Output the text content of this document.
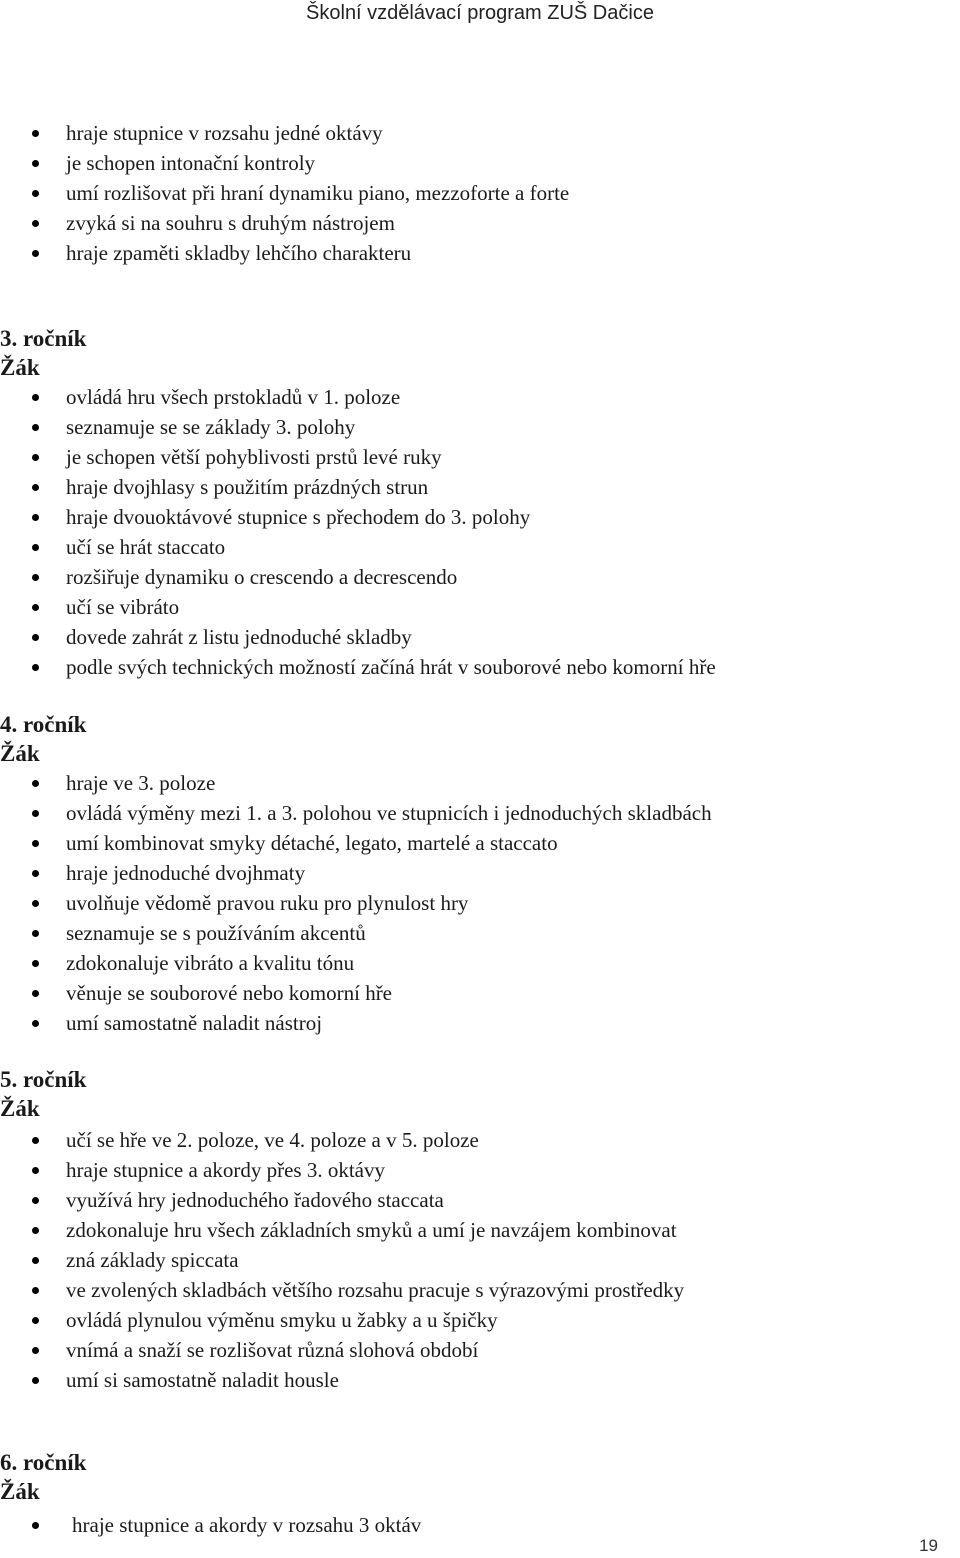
Školní vzdělávací program ZUŠ Dačice
hraje stupnice v rozsahu jedné oktávy
je schopen intonační kontroly
umí rozlišovat při hraní dynamiku piano, mezzoforte a forte
zvyká si na souhru s druhým nástrojem
hraje zpaměti skladby lehčího charakteru

3. ročník

Žák

ovládá hru všech prstokladů v 1. poloze
seznamuje se se základy 3. polohy
je schopen větší pohyblivosti prstů levé ruky
hraje dvojhlasy s použitím prázdných strun
hraje dvouoktávové stupnice s přechodem do 3. polohy
učí se hrát staccato
rozšiřuje dynamiku o crescendo a decrescendo
učí se vibráto
dovede zahrát z listu jednoduché skladby
podle svých technických možností začíná hrát v souborové nebo komorní hře

4. ročník

Žák

hraje ve 3. poloze
ovládá výměny mezi 1. a 3. polohou ve stupnicích i jednoduchých skladbách
umí kombinovat smyky détaché, legato, martelé a staccato
hraje jednoduché dvojhmaty
uvolňuje vědomě pravou ruku pro plynulost hry
seznamuje se s používáním akcentů
zdokonaluje vibráto a kvalitu tónu
věnuje se souborové nebo komorní hře
umí samostatně naladit nástroj

5. ročník

Žák

učí se hře ve 2. poloze, ve 4. poloze a v 5. poloze
hraje stupnice a akordy přes 3. oktávy
využívá hry jednoduchého řadového staccata
zdokonaluje hru všech základních smyků a umí je navzájem kombinovat
zná základy spiccata
ve zvolených skladbách většího rozsahu pracuje s výrazovými prostředky
ovládá plynulou výměnu smyku u žabky a u špičky
vnímá a snaží se rozlišovat různá slohová období
umí si samostatně naladit housle

6. ročník

Žák

hraje stupnice a akordy v rozsahu 3 oktáv
19
